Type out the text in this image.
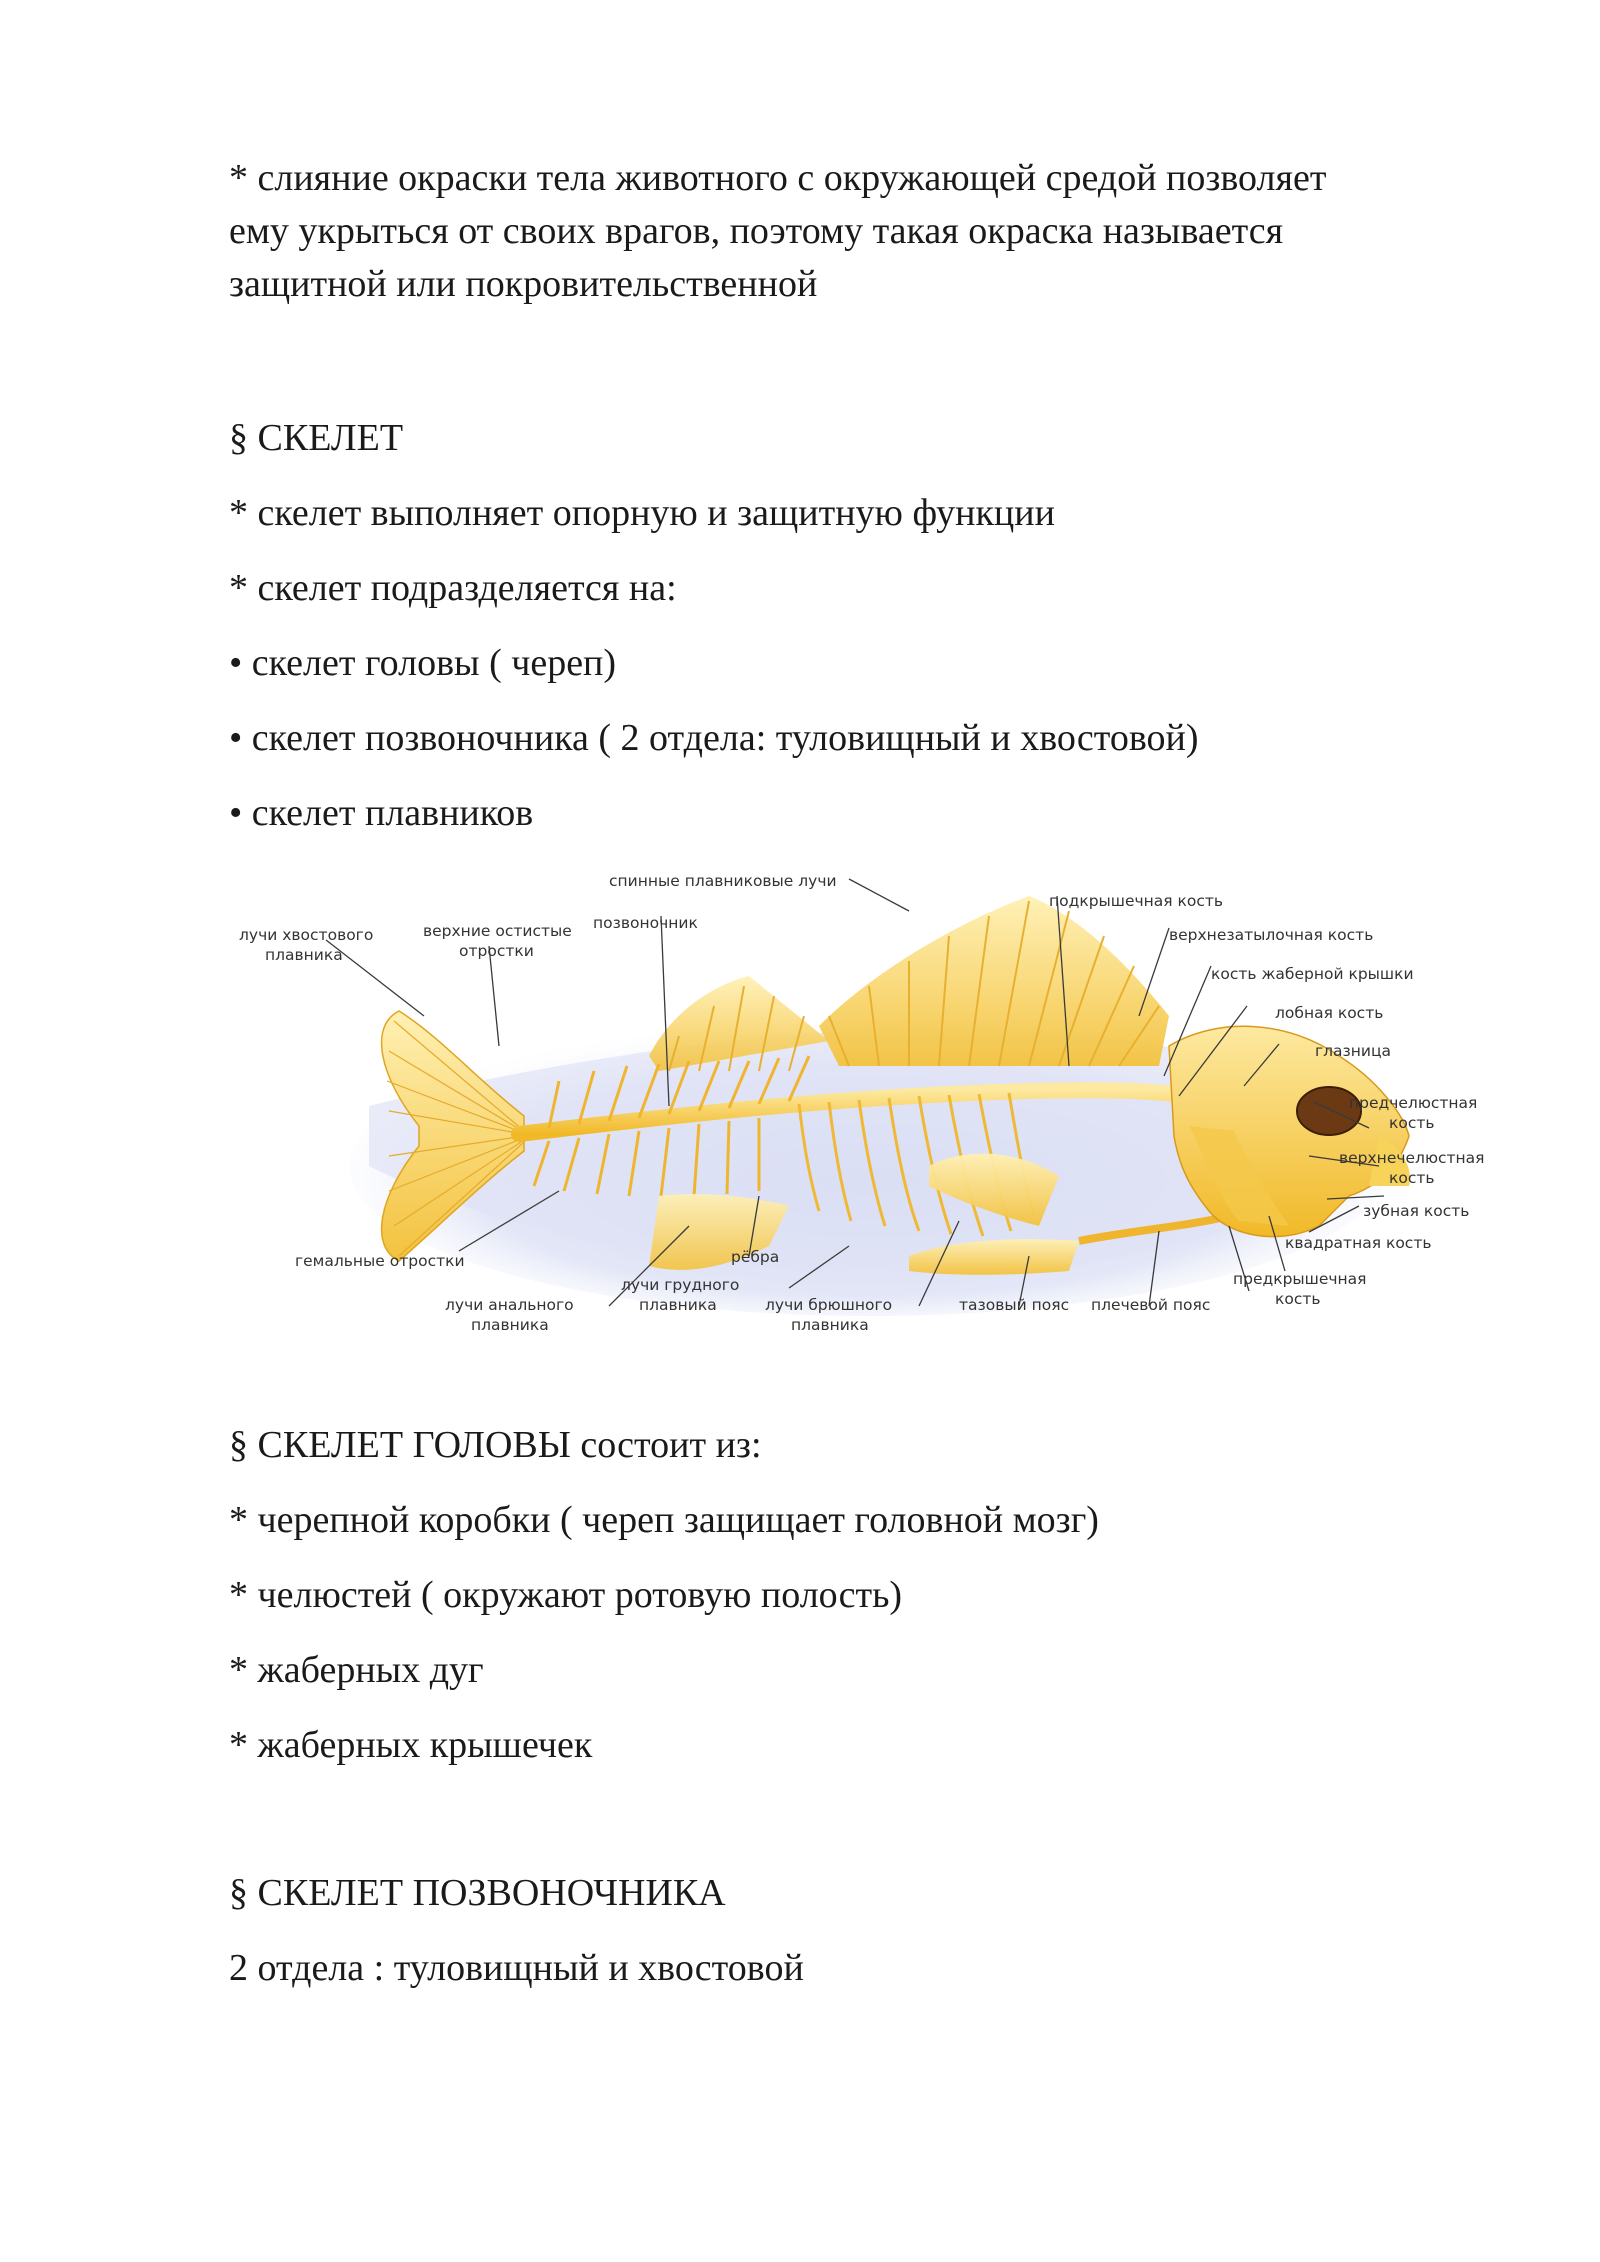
* слияние окраски тела животного с окружающей средой позволяет
ему укрыться от своих врагов, поэтому такая окраска называется
защитной или покровительственной
§ СКЕЛЕТ
* скелет выполняет опорную и защитную функции
* скелет подразделяется на:
• скелет головы ( череп)
• скелет позвоночника ( 2 отдела: туловищный и хвостовой)
• скелет плавников
спинные плавниковые лучи
подкрышечная кость
лучи хвостового
плавника
верхние остистые
отростки
позвоночник
верхнезатылочная кость
кость жаберной крышки
лобная кость
глазница
предчелюстная
кость
верхнечелюстная
кость
зубная кость
квадратная кость
предкрышечная
кость
гемальные отростки	рёбра
лучи анального
плавника
лучи грудного
плавника	лучи брюшного
плавника
тазовый пояс плечевой пояс
§ СКЕЛЕТ ГОЛОВЫ состоит из:
* черепной коробки ( череп защищает головной мозг)
* челюстей ( окружают ротовую полость)
* жаберных дуг
* жаберных крышечек
§ СКЕЛЕТ ПОЗВОНОЧНИКА
2 отдела : туловищный и хвостовой
